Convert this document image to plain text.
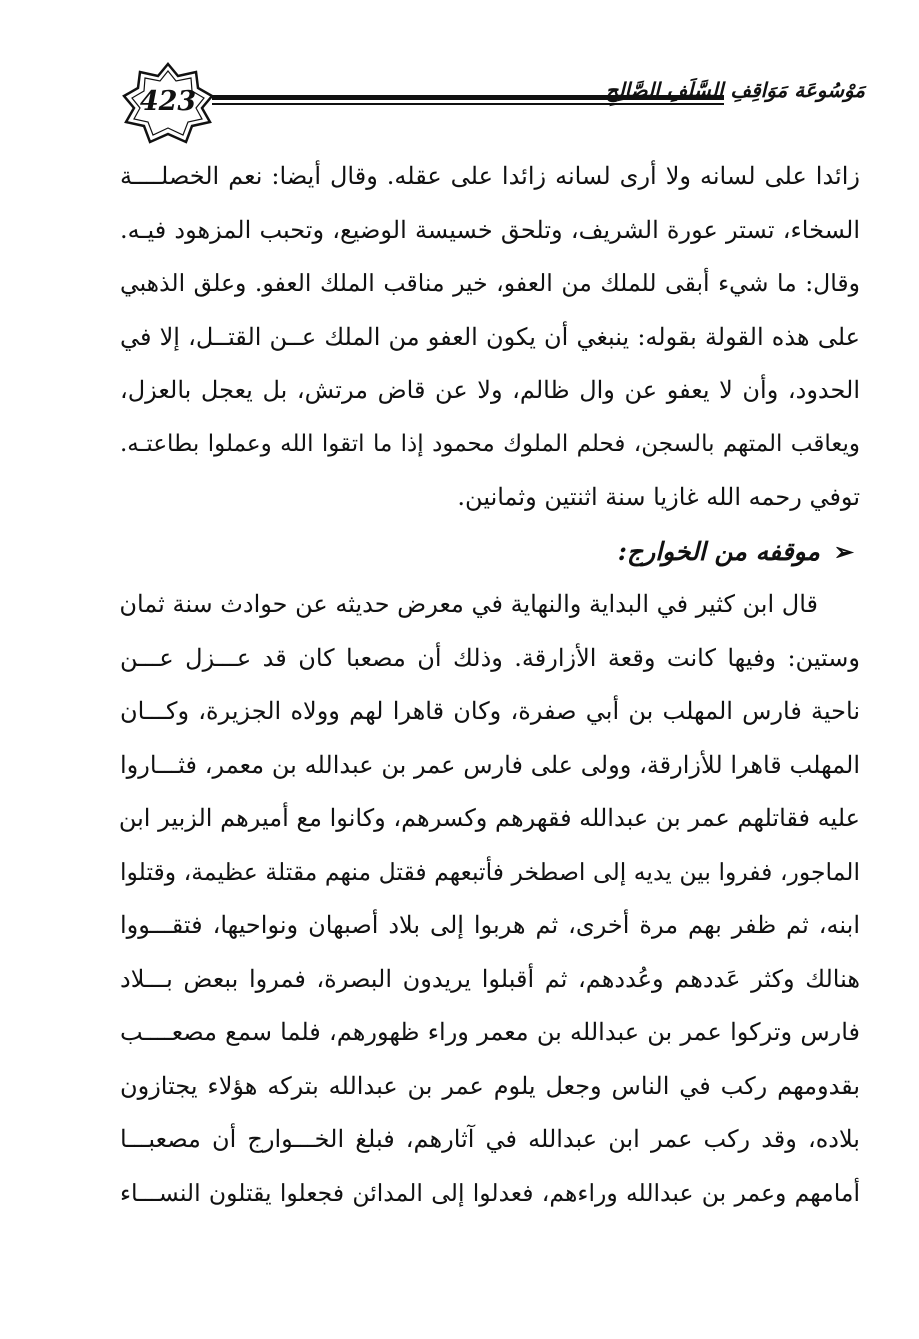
423	مَوْسُوعَة مَوَاقِفِ السَّلَفِ الصَّالِحِ
زائدا على لسانه ولا أرى لسانه زائدا على عقله. وقال أيضا: نعم الخصلــــة
السخاء، تستر عورة الشريف، وتلحق خسيسة الوضيع، وتحبب المزهود فيـه.
وقال: ما شيء أبقى للملك من العفو، خير مناقب الملك العفو. وعلق الذهبي
على هذه القولة بقوله: ينبغي أن يكون العفو من الملك عــن القتــل، إلا في
الحدود، وأن لا يعفو عن وال ظالم، ولا عن قاض مرتش، بل يعجل بالعزل،
ويعاقب المتهم بالسجن، فحلم الملوك محمود إذا ما اتقوا الله وعملوا بطاعتـه.
توفي رحمه الله غازيا سنة اثنتين وثمانين.
➢موقفه من الخوارج:
قال ابن كثير في البداية والنهاية في معرض حديثه عن حوادث سنة ثمان
وستين: وفيها كانت وقعة الأزارقة. وذلك أن مصعبا كان قد عـــزل عـــن
ناحية فارس المهلب بن أبي صفرة، وكان قاهرا لهم وولاه الجزيرة، وكـــان
المهلب قاهرا للأزارقة، وولى على فارس عمر بن عبدالله بن معمر، فثـــاروا
عليه فقاتلهم عمر بن عبدالله فقهرهم وكسرهم، وكانوا مع أميرهم الزبير ابن
الماجور، ففروا بين يديه إلى اصطخر فأتبعهم فقتل منهم مقتلة عظيمة، وقتلوا
ابنه، ثم ظفر بهم مرة أخرى، ثم هربوا إلى بلاد أصبهان ونواحيها، فتقـــووا
هنالك وكثر عَددهم وعُددهم، ثم أقبلوا يريدون البصرة، فمروا ببعض بـــلاد
فارس وتركوا عمر بن عبدالله بن معمر وراء ظهورهم، فلما سمع مصعــــب
بقدومهم ركب في الناس وجعل يلوم عمر بن عبدالله بتركه هؤلاء يجتازون
بلاده، وقد ركب عمر ابن عبدالله في آثارهم، فبلغ الخـــوارج أن مصعبـــا
أمامهم وعمر بن عبدالله وراءهم، فعدلوا إلى المدائن فجعلوا يقتلون النســـاء
